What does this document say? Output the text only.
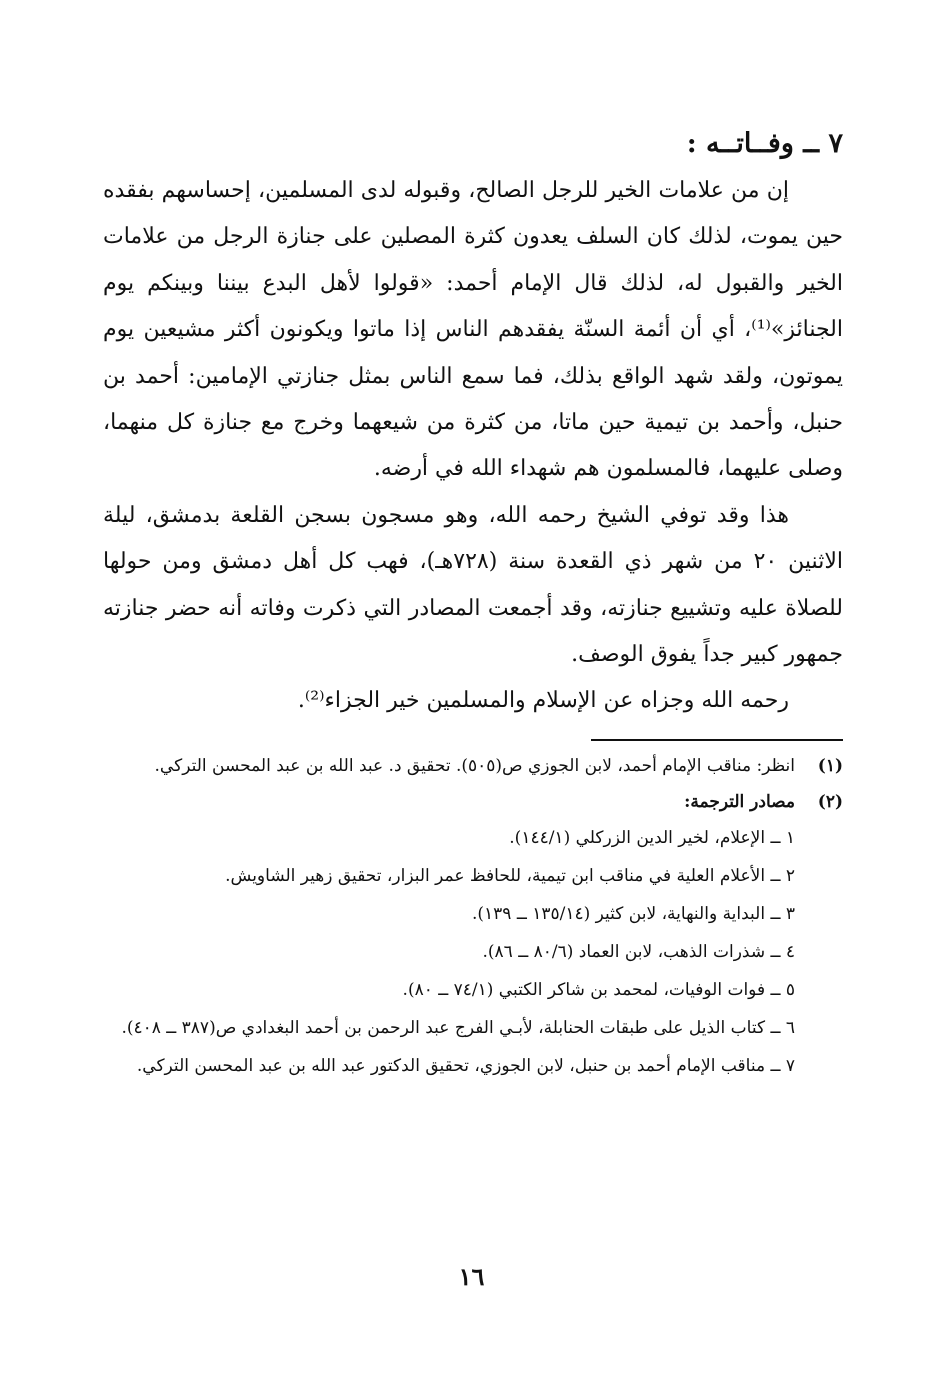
٧ ــ وفــاتــه :

إن من علامات الخير للرجل الصالح، وقبوله لدى المسلمين، إحساسهم بفقده حين يموت، لذلك كان السلف يعدون كثرة المصلين على جنازة الرجل من علامات الخير والقبول له، لذلك قال الإمام أحمد: «قولوا لأهل البدع بيننا وبينكم يوم الجنائز»⁽¹⁾، أي أن أئمة السنّة يفقدهم الناس إذا ماتوا ويكونون أكثر مشيعين يوم يموتون، ولقد شهد الواقع بذلك، فما سمع الناس بمثل جنازتي الإمامين: أحمد بن حنبل، وأحمد بن تيمية حين ماتا، من كثرة من شيعهما وخرج مع جنازة كل منهما، وصلى عليهما، فالمسلمون هم شهداء الله في أرضه.

هذا وقد توفي الشيخ رحمه الله، وهو مسجون بسجن القلعة بدمشق، ليلة الاثنين ٢٠ من شهر ذي القعدة سنة (٧٢٨هـ)، فهب كل أهل دمشق ومن حولها للصلاة عليه وتشييع جنازته، وقد أجمعت المصادر التي ذكرت وفاته أنه حضر جنازته جمهور كبير جداً يفوق الوصف.

رحمه الله وجزاه عن الإسلام والمسلمين خير الجزاء⁽²⁾.

(١)
انظر: مناقب الإمام أحمد، لابن الجوزي ص(٥٠٥). تحقيق د. عبد الله بن عبد المحسن التركي.
(٢)
مصادر الترجمة:
١ ــ الإعلام، لخير الدين الزركلي (١٤٤/١).
٢ ــ الأعلام العلية في مناقب ابن تيمية، للحافظ عمر البزار، تحقيق زهير الشاويش.
٣ ــ البداية والنهاية، لابن كثير (١٣٥/١٤ ــ ١٣٩).
٤ ــ شذرات الذهب، لابن العماد (٨٠/٦ ــ ٨٦).
٥ ــ فوات الوفيات، لمحمد بن شاكر الكتبي (٧٤/١ ــ ٨٠).
٦ ــ كتاب الذيل على طبقات الحنابلة، لأبـي الفرج عبد الرحمن بن أحمد البغدادي ص(٣٨٧ ــ ٤٠٨).
٧ ــ مناقب الإمام أحمد بن حنبل، لابن الجوزي، تحقيق الدكتور عبد الله بن عبد المحسن التركي.
١٦
